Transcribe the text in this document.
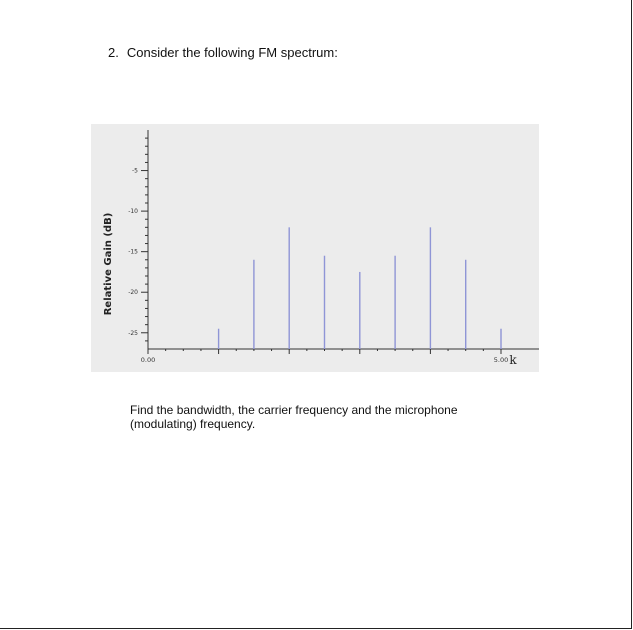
2. Consider the following FM spectrum:
Relative Gain (dB)
-5
-10
-15
-20
-25
0.00	5.00 k
Find the bandwidth, the carrier frequency and the microphone (modulating) frequency.
